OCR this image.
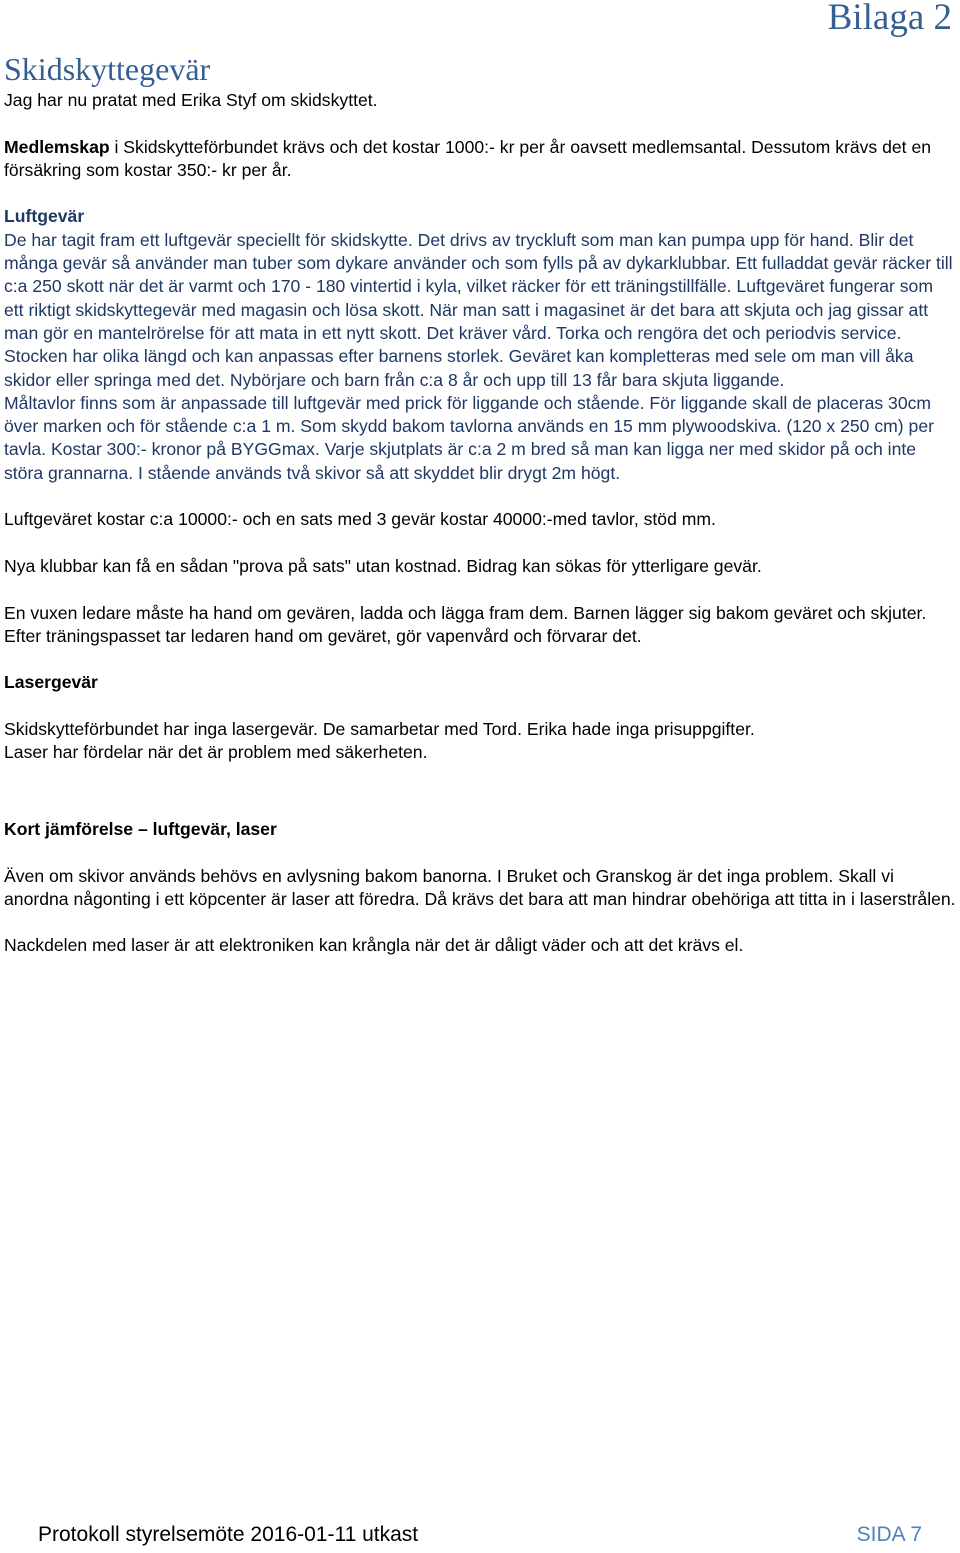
Bilaga 2
Skidskyttegevär

Jag har nu pratat med Erika Styf om skidskyttet.

Medlemskap i Skidskytteförbundet krävs och det kostar 1000:- kr per år oavsett medlemsantal. Dessutom krävs det en försäkring som kostar 350:- kr per år.

Luftgevär

De har tagit fram ett luftgevär speciellt för skidskytte. Det drivs av tryckluft som man kan pumpa upp för hand. Blir det många gevär så använder man tuber som dykare använder och som fylls på av dykarklubbar. Ett fulladdat gevär räcker till c:a 250 skott när det är varmt och 170 - 180 vintertid i kyla, vilket räcker för ett träningstillfälle. Luftgeväret fungerar som ett riktigt skidskyttegevär med magasin och lösa skott. När man satt i magasinet är det bara att skjuta och jag gissar att man gör en mantelrörelse för att mata in ett nytt skott. Det kräver vård. Torka och rengöra det och periodvis service.

Stocken har olika längd och kan anpassas efter barnens storlek. Geväret kan kompletteras med sele om man vill åka skidor eller springa med det. Nybörjare och barn från c:a 8 år och upp till 13 får bara skjuta liggande.

Måltavlor finns som är anpassade till luftgevär med prick för liggande och stående. För liggande skall de placeras 30cm över marken och för stående c:a 1 m. Som skydd bakom tavlorna används en 15 mm plywoodskiva. (120 x 250 cm) per tavla. Kostar 300:- kronor på BYGGmax. Varje skjutplats är c:a 2 m bred så man kan ligga ner med skidor på och inte störa grannarna. I stående används två skivor så att skyddet blir drygt 2m högt.

Luftgeväret kostar c:a 10000:- och en sats med 3 gevär kostar 40000:-med tavlor, stöd mm.

Nya klubbar kan få en sådan "prova på sats" utan kostnad. Bidrag kan sökas för ytterligare gevär.

En vuxen ledare måste ha hand om gevären, ladda och lägga fram dem. Barnen lägger sig bakom geväret och skjuter. Efter träningspasset tar ledaren hand om geväret, gör vapenvård och förvarar det.

Lasergevär

Skidskytteförbundet har inga lasergevär. De samarbetar med Tord. Erika hade inga prisuppgifter.

Laser har fördelar när det är problem med säkerheten.

Kort jämförelse – luftgevär, laser

Även om skivor används behövs en avlysning bakom banorna. I Bruket och Granskog är det inga problem. Skall vi anordna någonting i ett köpcenter är laser att föredra. Då krävs det bara att man hindrar obehöriga att titta in i laserstrålen.

Nackdelen med laser är att elektroniken kan krångla när det är dåligt väder och att det krävs el.

Protokoll styrelsemöte 2016-01-11 utkast	SIDA 7
